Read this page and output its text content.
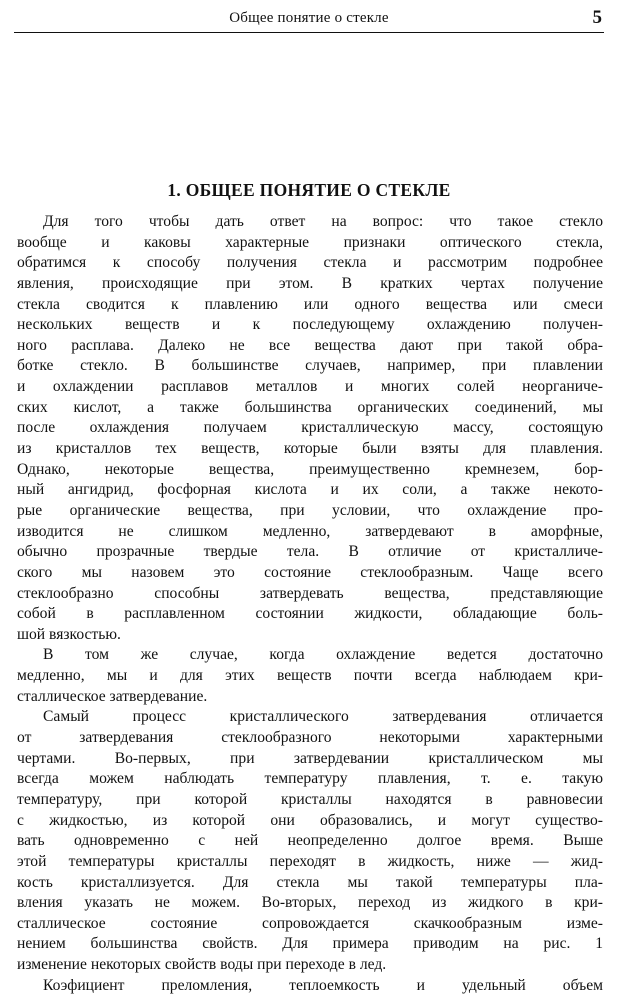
Общее понятие о стекле	5
1. ОБЩЕЕ ПОНЯТИЕ О СТЕКЛЕ
Для того чтобы дать ответ на вопрос: что такое стекло
вообще и каковы характерные признаки оптического стекла,
обратимся к способу получения стекла и рассмотрим подробнее
явления, происходящие при этом. В кратких чертах получение
стекла сводится к плавлению или одного вещества или смеси
нескольких веществ и к последующему охлаждению получен-
ного расплава. Далеко не все вещества дают при такой обра-
ботке стекло. В большинстве случаев, например, при плавлении
и охлаждении расплавов металлов и многих солей неорганиче-
ских кислот, а также большинства органических соединений, мы
после охлаждения получаем кристаллическую массу, состоящую
из кристаллов тех веществ, которые были взяты для плавления.
Однако, некоторые вещества, преимущественно кремнезем, бор-
ный ангидрид, фосфорная кислота и их соли, а также некото-
рые органические вещества, при условии, что охлаждение про-
изводится не слишком медленно, затвердевают в аморфные,
обычно прозрачные твердые тела. В отличие от кристалличе-
ского мы назовем это состояние стеклообразным. Чаще всего
стеклообразно способны затвердевать вещества, представляющие
собой в расплавленном состоянии жидкости, обладающие боль-
шой вязкостью.
В том же случае, когда охлаждение ведется достаточно
медленно, мы и для этих веществ почти всегда наблюдаем кри-
сталлическое затвердевание.
Самый процесс кристаллического затвердевания отличается
от затвердевания стеклообразного некоторыми характерными
чертами. Во-первых, при затвердевании кристаллическом мы
всегда можем наблюдать температуру плавления, т. е. такую
температуру, при которой кристаллы находятся в равновесии
с жидкостью, из которой они образовались, и могут существо-
вать одновременно с ней неопределенно долгое время. Выше
этой температуры кристаллы переходят в жидкость, ниже — жид-
кость кристаллизуется. Для стекла мы такой температуры пла-
вления указать не можем. Во-вторых, переход из жидкого в кри-
сталлическое состояние сопровождается скачкообразным изме-
нением большинства свойств. Для примера приводим на рис. 1
изменение некоторых свойств воды при переходе в лед.
Коэфициент преломления, теплоемкость и удельный объем
